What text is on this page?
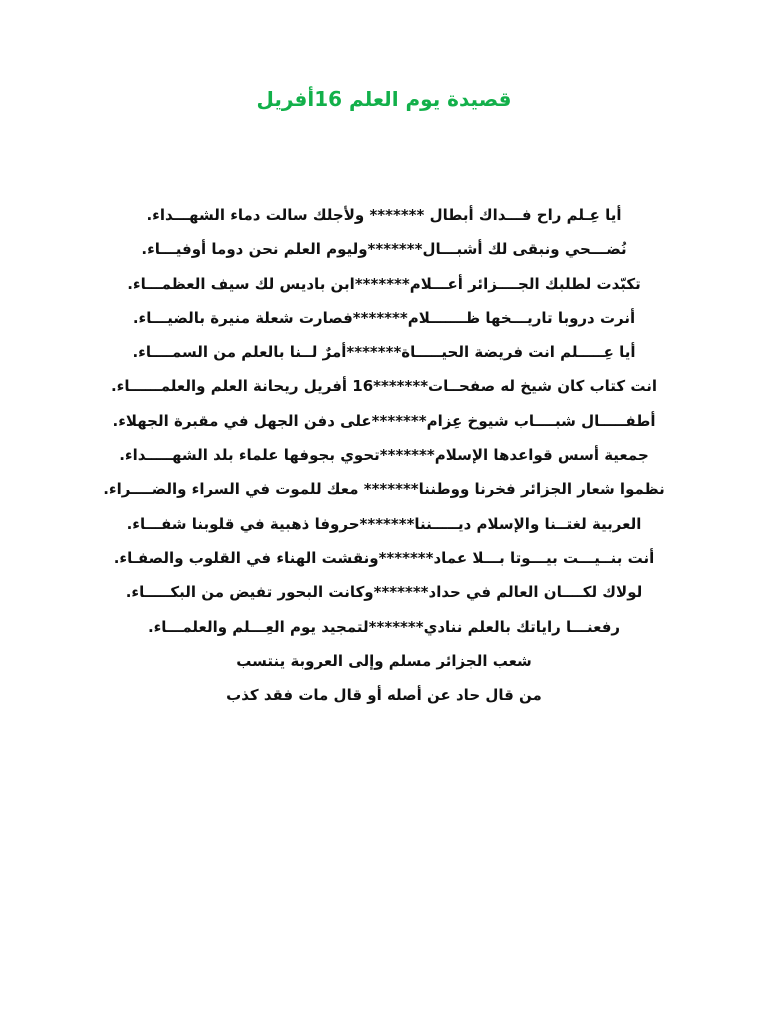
قصيدة يوم العلم 16أفريل
أيا عِـلم راح فـــداك أبطال ******* ولأجلك سالت دماء الشهـــداء.
نُضـــحي ونبقى لك أشبـــال*******وليوم العلم نحن دوما أوفيـــاء.
تكبّدت لطلبك الجــــزائر أعـــلام*******ابن باديس لك سيف العظمـــاء.
أنرت دروبا تاريـــخها ظـــــــلام*******فصارت شعلة منيرة بالضيـــاء.
أيا عِـــــلم انت فريضة الحيـــــاة*******أمرٌ لــنا بالعلم من السمــــاء.
انت كتاب كان شيخ له صفحــات*******16 أفريل ريحانة العلم والعلمــــــاء.
أطفـــــال شبــــاب شيوخ عِزام*******على دفن الجهل في مقبرة الجهلاء.
جمعية أسس قواعدها الإسلام*******تحوي بجوفها علماء بلد الشهـــــداء.
نظموا شعار الجزائر فخرنا ووطننا******* معك للموت في السراء والضــــراء.
العربية لغتــنا والإسلام ديـــــننا*******حروفا ذهبية في قلوبنا شفـــاء.
أنت بنــيـــت بيـــوتا بـــلا عماد*******ونقشت الهناء في القلوب والصفـاء.
لولاك لكــــان العالم في حداد*******وكانت البحور تفيض من البكـــــاء.
رفعنـــا راياتك بالعلم ننادي*******لتمجيد يوم العِـــلم والعلمـــاء.
شعب الجزائر مسلم وإلى العروبة ينتسب
من قال حاد عن أصله أو قال مات فقد كذب
